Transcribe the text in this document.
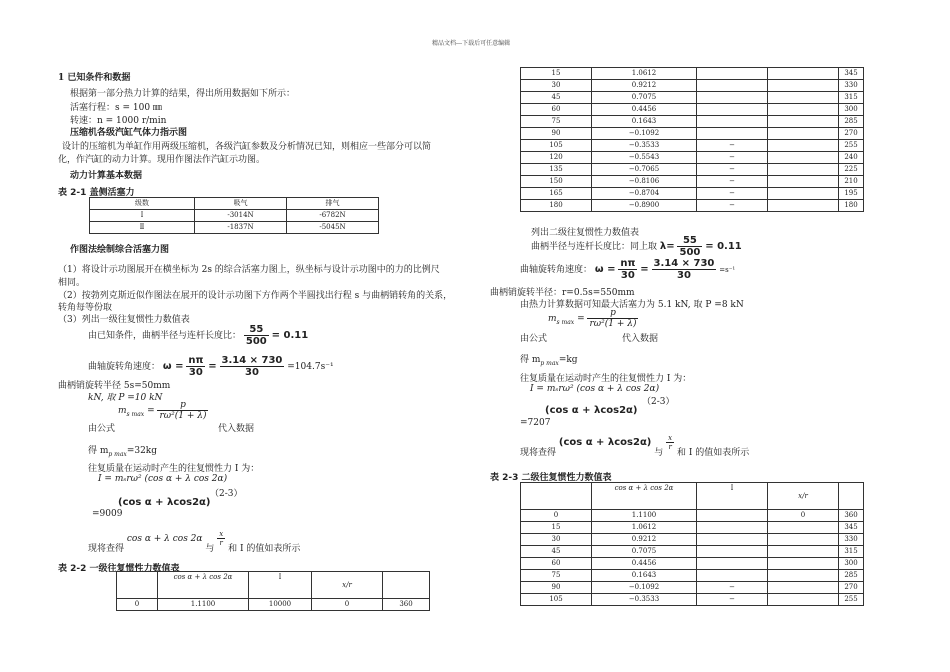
精品文档---下载后可任意编辑
1 已知条件和数据
根据第一部分热力计算的结果，得出所用数据如下所示：
活塞行程：s = 100 ㎜
转速：n = 1000 r/min
压缩机各级汽缸气体力指示图
设计的压缩机为单缸作用两级压缩机，各级汽缸参数及分析情况已知，则相应一些部分可以简
化，作汽缸的动力计算。现用作图法作汽缸示功图。
动力计算基本数据
表 2-1 盖侧活塞力
级数	吸气	排气
Ⅰ	-3014N	-6782N
Ⅱ	-1837N	-5045N
作图法绘制综合活塞力图
（1）将设计示功图展开在横坐标为 2s 的综合活塞力图上，纵坐标与设计示功图中的力的比例尺
相同。
（2）按勃列克斯近似作图法在展开的设计示功图下方作两个半圆找出行程 s 与曲柄销转角的关系，
转角每等份取
（3）列出一级往复惯性力数值表
由已知条件，曲柄半径与连杆长度比： $\frac{55}{500} = 0.11$
曲轴旋转角速度： $\omega = \frac{n\pi}{30} = \frac{3.14 \times 730}{30} =104.7s^{-1}$
曲柄销旋转半径 5s=50mm
kN, 取 P =10 kN
$m_{s max} = \frac{p}{\text{rω²(1 + λ)}}$
由公式	代入数据
得 $m_{p max}=32kg$
往复质量在运动时产生的往复惯性力 I 为：
I = mₛrω² (cos α + λ cos 2α)
（2-3）
(cos α + λcos2α)
=9009
现将查得 cos α + λ cos 2α 与
$\frac{x}{r}$
和 I 的值如表所示
表 2-2 一级往复惯性力数值表
	cos α + λ cos 2α	I	x/r	
0	1.1100	10000	0	360
15	1.0612			345
30	0.9212			330
45	0.7075			315
60	0.4456			300
75	0.1643			285
90	−0.1092			270
105	−0.3533	−		255
120	−0.5543	−		240
135	−0.7065	−		225
150	−0.8106	−		210
165	−0.8704	−		195
180	−0.8900	−		180
列出二级往复惯性力数值表
曲柄半径与连杆长度比：同上取 $\lambda= \frac{55}{500} = 0.11$
曲轴旋转角速度： $\omega = \frac{n\pi}{30} = \frac{3.14 \times 730}{30} =s^{-1}$
曲柄销旋转半径：r=0.5s=550mm
由热力计算数据可知最大活塞力为 5.1 kN, 取 P =8 kN
$m_{s max} = \frac{p}{\text{rω²(1 + λ)}}$
由公式	代入数据
得 $m_{p max}=kg$
往复质量在运动时产生的往复惯性力 I 为：
I = mₛrω² (cos α + λ cos 2α)
（2-3）
(cos α + λcos2α)
=7207
现将查得 (cos α + λcos2α) 与
$\frac{x}{r}$
和 I 的值如表所示
表 2-3 二级往复惯性力数值表
	cos α + λ cos 2α	I	x/r	
0	1.1100		0	360
15	1.0612			345
30	0.9212			330
45	0.7075			315
60	0.4456			300
75	0.1643			285
90	−0.1092	−		270
105	−0.3533	−		255
